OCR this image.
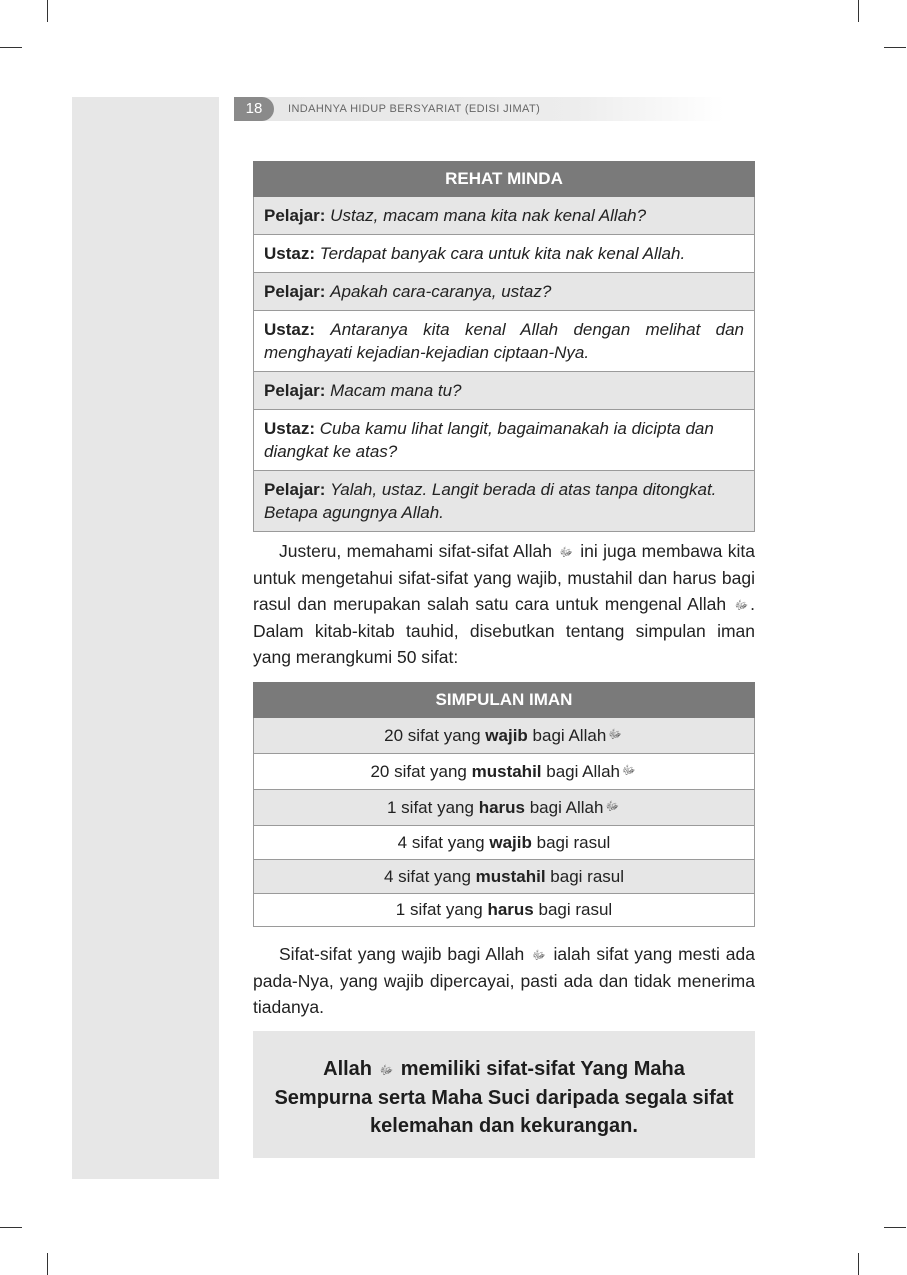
18	INDAHNYA HIDUP BERSYARIAT (EDISI JIMAT)
REHAT MINDA
Pelajar: Ustaz, macam mana kita nak kenal Allah?
Ustaz: Terdapat banyak cara untuk kita nak kenal Allah.
Pelajar: Apakah cara-caranya, ustaz?
Ustaz: Antaranya kita kenal Allah dengan melihat dan menghayati kejadian-kejadian ciptaan-Nya.
Pelajar: Macam mana tu?
Ustaz: Cuba kamu lihat langit, bagaimanakah ia dicipta dan diangkat ke atas?
Pelajar: Yalah, ustaz. Langit berada di atas tanpa ditongkat. Betapa agungnya Allah.

Justeru, memahami sifat-sifat Allah ﷻ ini juga membawa kita untuk mengetahui sifat-sifat yang wajib, mustahil dan harus bagi rasul dan merupakan salah satu cara untuk mengenal Allah ﷻ . Dalam kitab-kitab tauhid, disebutkan tentang simpulan iman yang merangkumi 50 sifat:

SIMPULAN IMAN
20 sifat yang
wajib
bagi Allah ﷻ
20 sifat yang
mustahil
bagi Allah ﷻ
1 sifat yang
harus
bagi Allah ﷻ
4 sifat yang
wajib
bagi rasul
4 sifat yang
mustahil
bagi rasul
1 sifat yang
harus
bagi rasul

Sifat-sifat yang wajib bagi Allah ﷻ ialah sifat yang mesti ada pada-Nya, yang wajib dipercayai, pasti ada dan tidak menerima tiadanya.

Allah ﷻ memiliki sifat-sifat Yang Maha Sempurna serta Maha Suci daripada segala sifat kelemahan dan kekurangan.
